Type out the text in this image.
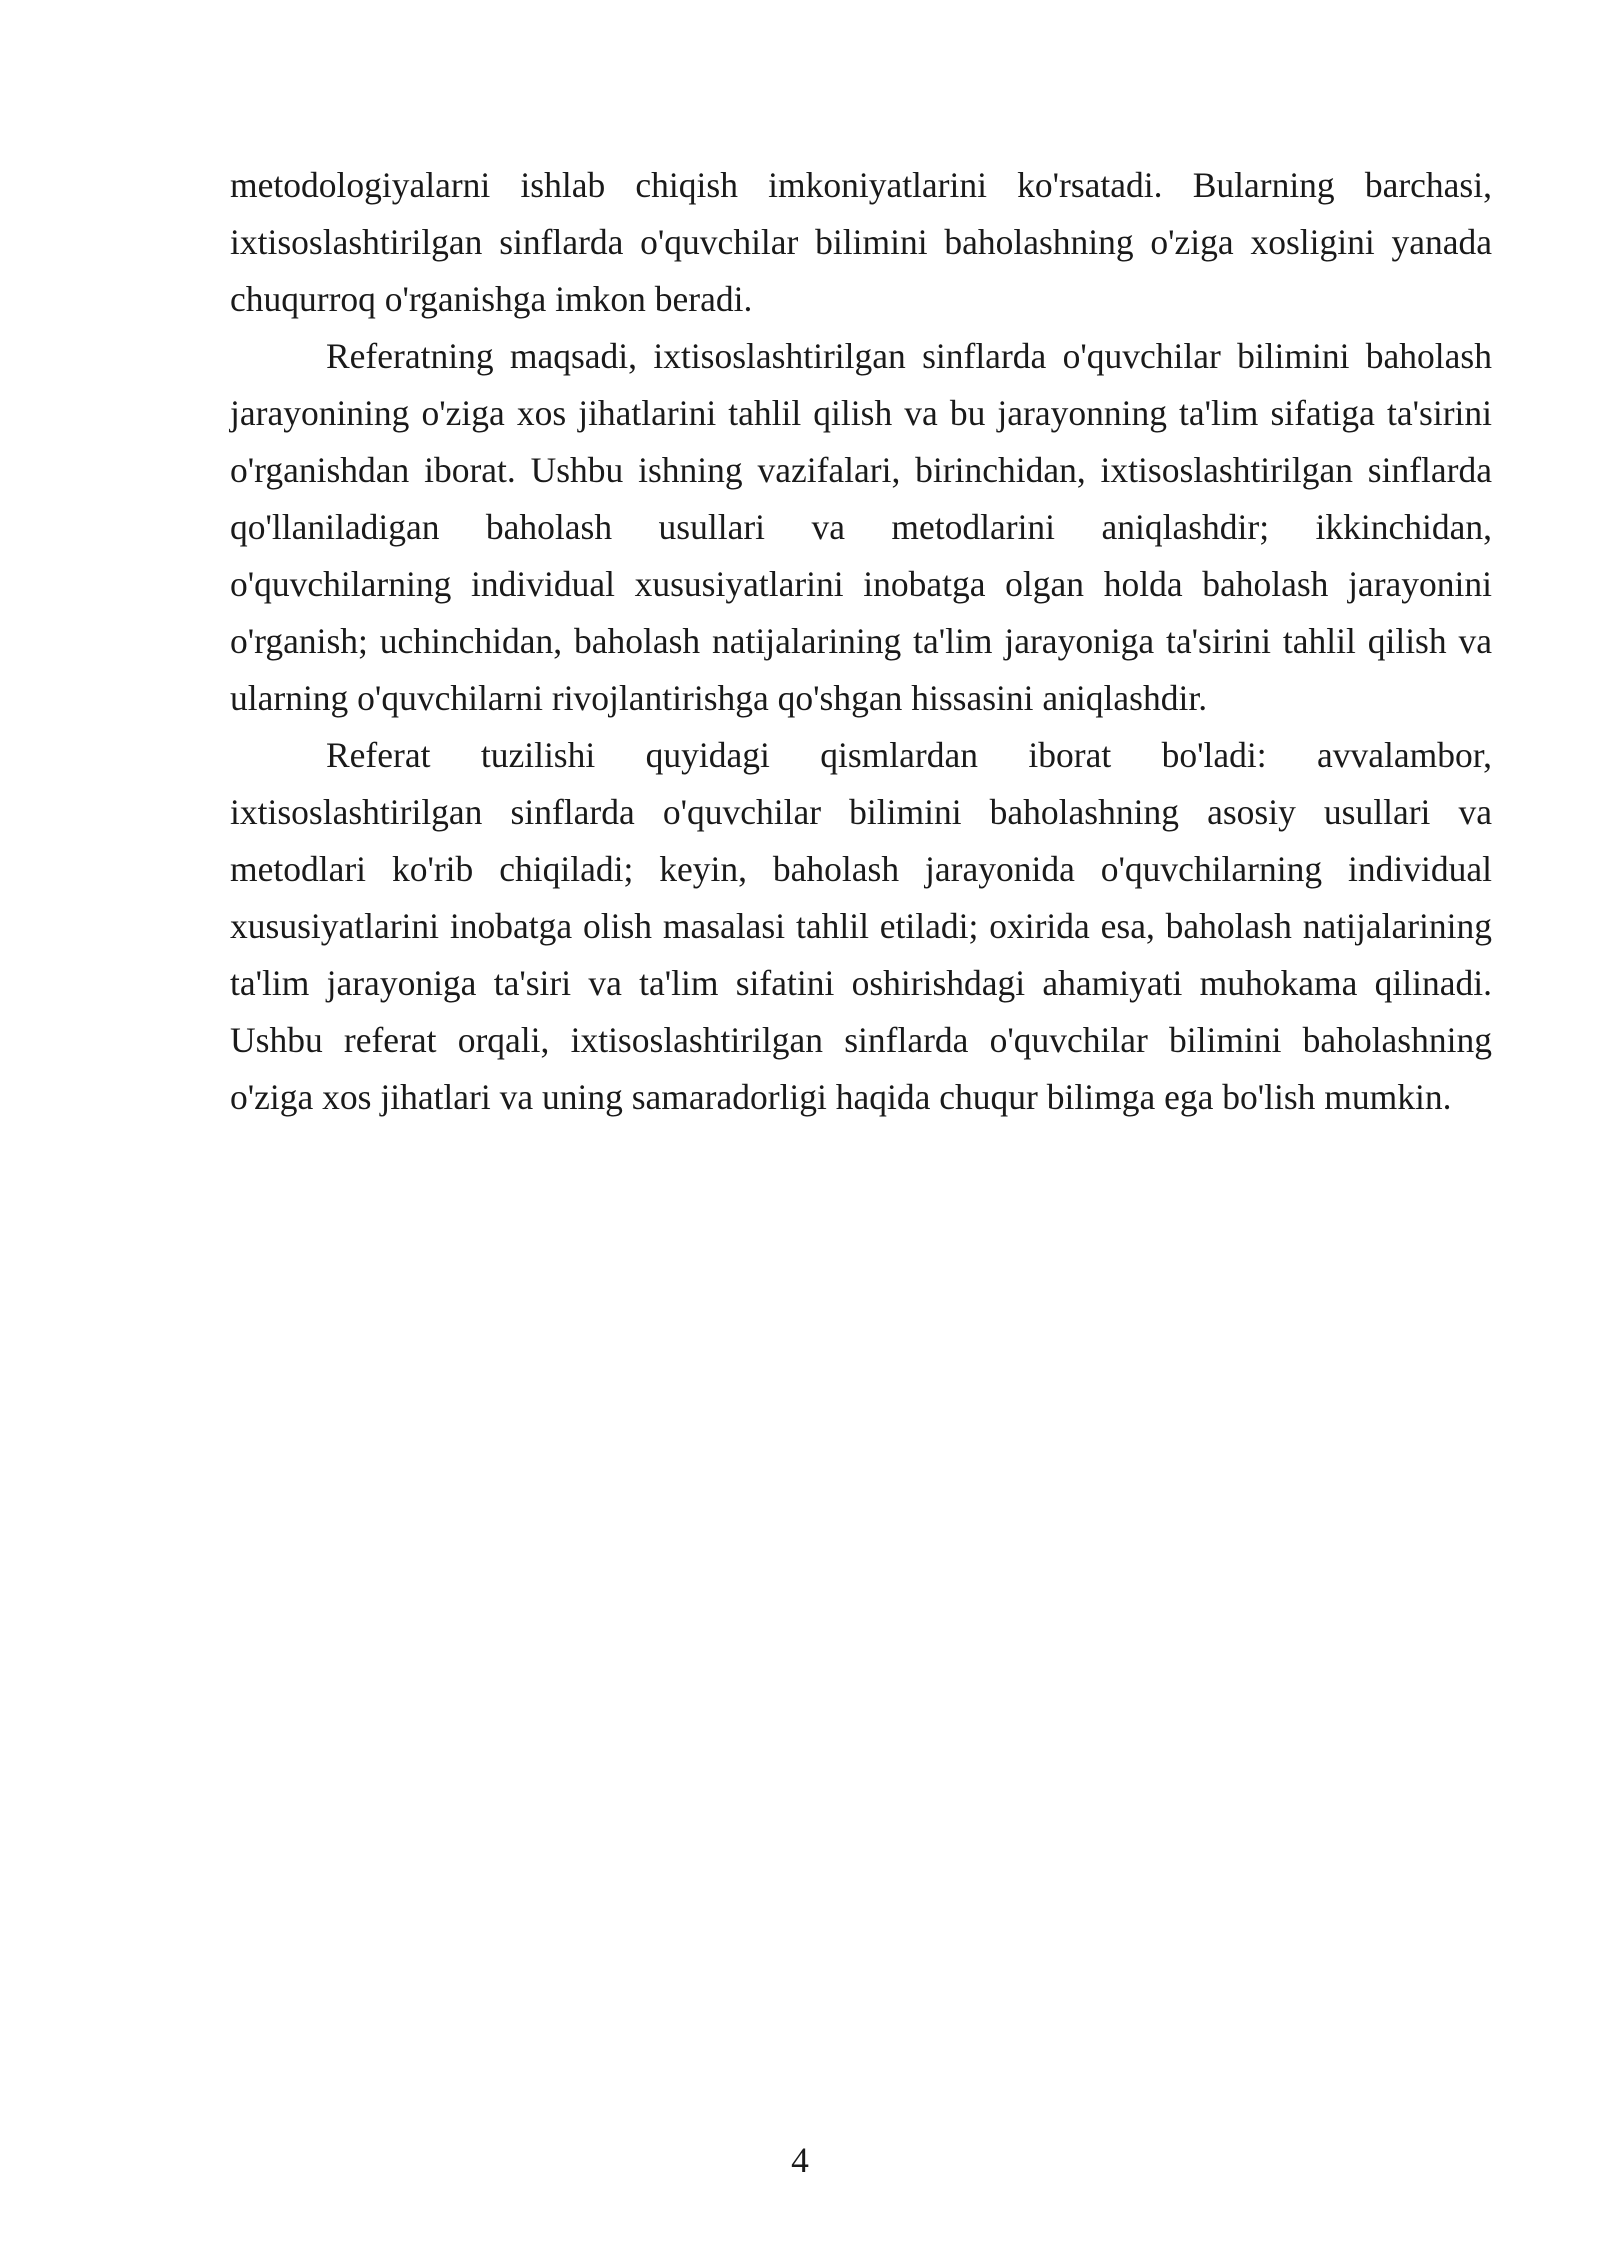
metodologiyalarni ishlab chiqish imkoniyatlarini ko'rsatadi. Bularning barchasi, ixtisoslashtirilgan sinflarda o'quvchilar bilimini baholashning o'ziga xosligini yanada chuqurroq o'rganishga imkon beradi.

Referatning maqsadi, ixtisoslashtirilgan sinflarda o'quvchilar bilimini baholash jarayonining o'ziga xos jihatlarini tahlil qilish va bu jarayonning ta'lim sifatiga ta'sirini o'rganishdan iborat. Ushbu ishning vazifalari, birinchidan, ixtisoslashtirilgan sinflarda qo'llaniladigan baholash usullari va metodlarini aniqlashdir; ikkinchidan, o'quvchilarning individual xususiyatlarini inobatga olgan holda baholash jarayonini o'rganish; uchinchidan, baholash natijalarining ta'lim jarayoniga ta'sirini tahlil qilish va ularning o'quvchilarni rivojlantirishga qo'shgan hissasini aniqlashdir.

Referat tuzilishi quyidagi qismlardan iborat bo'ladi: avvalambor, ixtisoslashtirilgan sinflarda o'quvchilar bilimini baholashning asosiy usullari va metodlari ko'rib chiqiladi; keyin, baholash jarayonida o'quvchilarning individual xususiyatlarini inobatga olish masalasi tahlil etiladi; oxirida esa, baholash natijalarining ta'lim jarayoniga ta'siri va ta'lim sifatini oshirishdagi ahamiyati muhokama qilinadi. Ushbu referat orqali, ixtisoslashtirilgan sinflarda o'quvchilar bilimini baholashning o'ziga xos jihatlari va uning samaradorligi haqida chuqur bilimga ega bo'lish mumkin.

4
